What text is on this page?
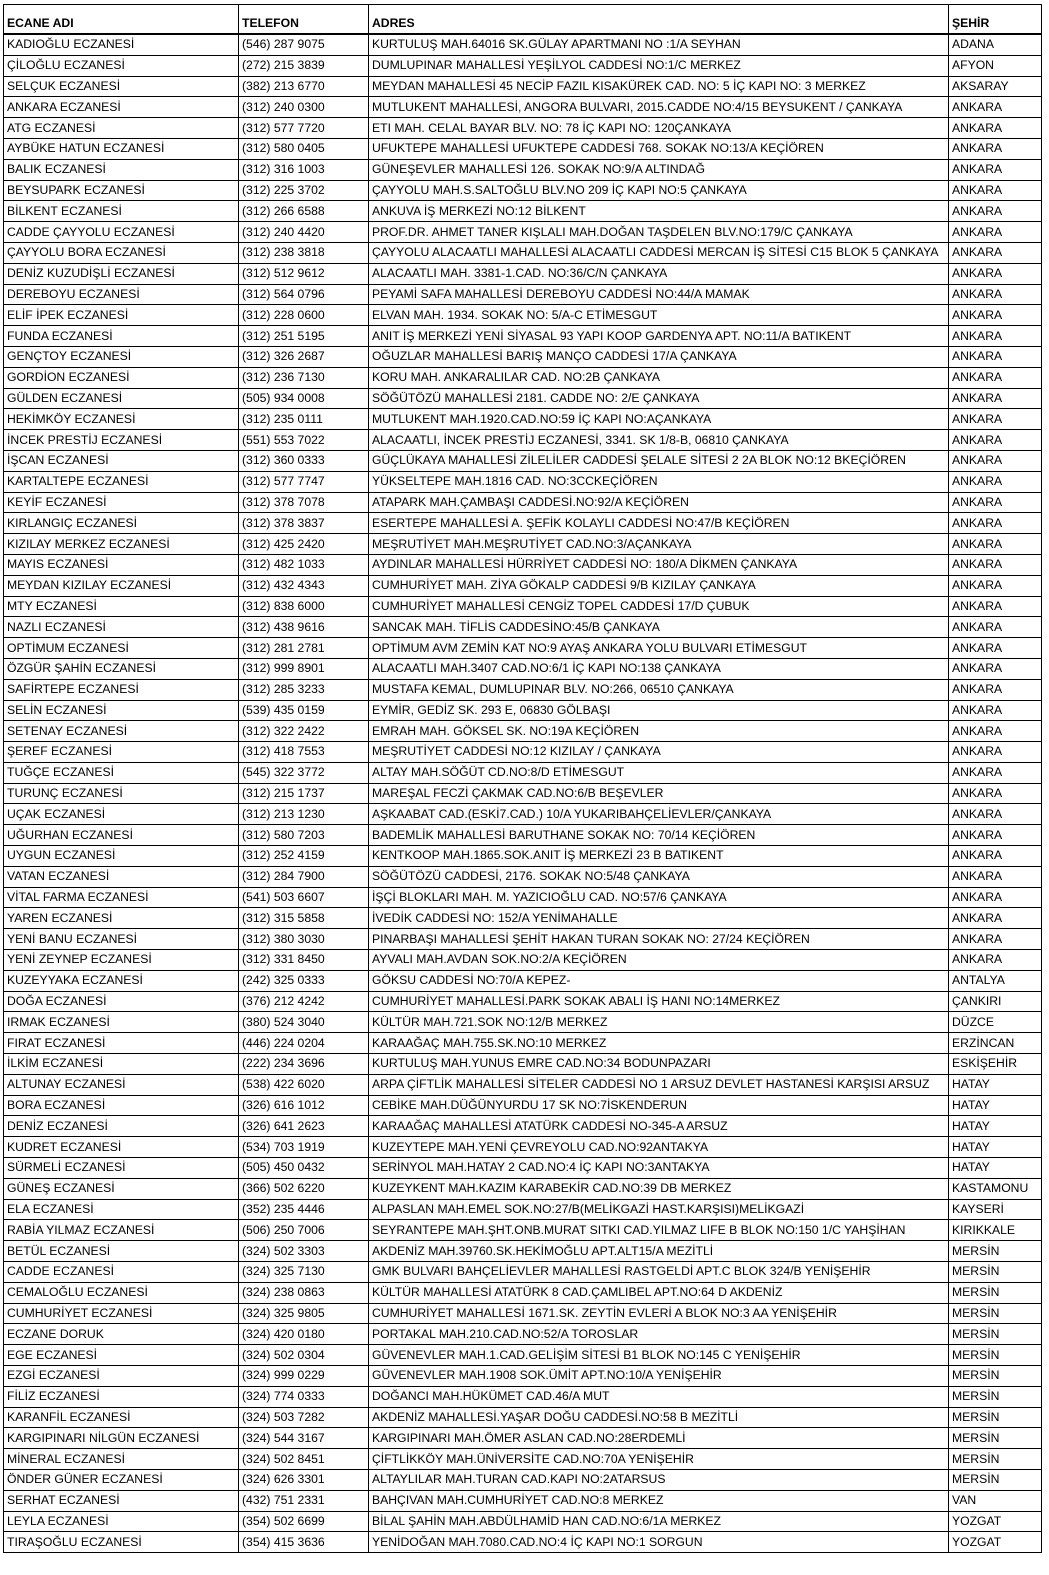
ECANE ADI	TELEFON	ADRES	ŞEHİR
KADIOĞLU ECZANESİ	(546) 287 9075	KURTULUŞ MAH.64016 SK.GÜLAY APARTMANI NO :1/A SEYHAN	ADANA
ÇİLOĞLU ECZANESİ	(272) 215 3839	DUMLUPINAR MAHALLESİ YEŞİLYOL CADDESİ NO:1/C MERKEZ	AFYON
SELÇUK ECZANESİ	(382) 213 6770	MEYDAN MAHALLESİ 45 NECİP FAZIL KISAKÜREK CAD. NO: 5 İÇ KAPI NO: 3 MERKEZ	AKSARAY
ANKARA ECZANESİ	(312) 240 0300	MUTLUKENT MAHALLESİ, ANGORA BULVARI, 2015.CADDE NO:4/15 BEYSUKENT / ÇANKAYA	ANKARA
ATG ECZANESİ	(312) 577 7720	ETI MAH. CELAL BAYAR BLV. NO: 78 İÇ KAPI NO: 120ÇANKAYA	ANKARA
AYBÜKE HATUN ECZANESİ	(312) 580 0405	UFUKTEPE MAHALLESİ UFUKTEPE CADDESİ 768. SOKAK NO:13/A KEÇİÖREN	ANKARA
BALIK ECZANESİ	(312) 316 1003	GÜNEŞEVLER MAHALLESİ 126. SOKAK NO:9/A ALTINDAĞ	ANKARA
BEYSUPARK ECZANESİ	(312) 225 3702	ÇAYYOLU MAH.S.SALTOĞLU BLV.NO 209 İÇ KAPI NO:5 ÇANKAYA	ANKARA
BİLKENT ECZANESİ	(312) 266 6588	ANKUVA İŞ MERKEZİ NO:12 BİLKENT	ANKARA
CADDE ÇAYYOLU ECZANESİ	(312) 240 4420	PROF.DR. AHMET TANER KIŞLALI MAH.DOĞAN TAŞDELEN BLV.NO:179/C ÇANKAYA	ANKARA
ÇAYYOLU BORA ECZANESİ	(312) 238 3818	ÇAYYOLU ALACAATLI MAHALLESİ ALACAATLI CADDESİ MERCAN İŞ SİTESİ C15 BLOK 5 ÇANKAYA	ANKARA
DENİZ KUZUDİŞLİ ECZANESİ	(312) 512 9612	ALACAATLI MAH. 3381-1.CAD. NO:36/C/N ÇANKAYA	ANKARA
DEREBOYU ECZANESİ	(312) 564 0796	PEYAMİ SAFA MAHALLESİ DEREBOYU CADDESİ NO:44/A MAMAK	ANKARA
ELİF İPEK ECZANESİ	(312) 228 0600	ELVAN MAH. 1934. SOKAK NO: 5/A-C ETİMESGUT	ANKARA
FUNDA ECZANESİ	(312) 251 5195	ANIT İŞ MERKEZİ YENİ SİYASAL 93 YAPI KOOP GARDENYA APT. NO:11/A BATIKENT	ANKARA
GENÇTOY ECZANESİ	(312) 326 2687	OĞUZLAR MAHALLESİ BARIŞ MANÇO CADDESİ 17/A ÇANKAYA	ANKARA
GORDİON ECZANESİ	(312) 236 7130	KORU MAH. ANKARALILAR CAD. NO:2B ÇANKAYA	ANKARA
GÜLDEN ECZANESİ	(505) 934 0008	SÖĞÜTÖZÜ MAHALLESİ 2181. CADDE NO: 2/E ÇANKAYA	ANKARA
HEKİMKÖY ECZANESİ	(312) 235 0111	MUTLUKENT MAH.1920.CAD.NO:59 İÇ KAPI NO:AÇANKAYA	ANKARA
İNCEK PRESTİJ ECZANESİ	(551) 553 7022	ALACAATLI, İNCEK PRESTİJ ECZANESİ, 3341. SK 1/8-B, 06810 ÇANKAYA	ANKARA
İŞCAN ECZANESİ	(312) 360 0333	GÜÇLÜKAYA MAHALLESİ ZİLELİLER CADDESİ ŞELALE SİTESİ 2 2A BLOK NO:12 BKEÇİÖREN	ANKARA
KARTALTEPE ECZANESİ	(312) 577 7747	YÜKSELTEPE MAH.1816 CAD. NO:3CCKEÇİÖREN	ANKARA
KEYİF ECZANESİ	(312) 378 7078	ATAPARK MAH.ÇAMBAŞI CADDESİ.NO:92/A KEÇİÖREN	ANKARA
KIRLANGIÇ ECZANESİ	(312) 378 3837	ESERTEPE MAHALLESİ A. ŞEFİK KOLAYLI CADDESİ NO:47/B KEÇİÖREN	ANKARA
KIZILAY MERKEZ ECZANESİ	(312) 425 2420	MEŞRUTİYET MAH.MEŞRUTİYET CAD.NO:3/AÇANKAYA	ANKARA
MAYIS ECZANESİ	(312) 482 1033	AYDINLAR MAHALLESİ HÜRRİYET CADDESİ NO: 180/A DİKMEN ÇANKAYA	ANKARA
MEYDAN KIZILAY ECZANESİ	(312) 432 4343	CUMHURİYET MAH. ZİYA GÖKALP CADDESİ 9/B KIZILAY ÇANKAYA	ANKARA
MTY ECZANESİ	(312) 838 6000	CUMHURİYET MAHALLESİ CENGİZ TOPEL CADDESİ 17/D ÇUBUK	ANKARA
NAZLI ECZANESİ	(312) 438 9616	SANCAK MAH. TİFLİS CADDESİNO:45/B ÇANKAYA	ANKARA
OPTİMUM ECZANESİ	(312) 281 2781	OPTİMUM AVM ZEMİN KAT NO:9 AYAŞ ANKARA YOLU BULVARI ETİMESGUT	ANKARA
ÖZGÜR ŞAHİN ECZANESİ	(312) 999 8901	ALACAATLI MAH.3407 CAD.NO:6/1 İÇ KAPI NO:138 ÇANKAYA	ANKARA
SAFİRTEPE ECZANESİ	(312) 285 3233	MUSTAFA KEMAL, DUMLUPINAR BLV. NO:266, 06510 ÇANKAYA	ANKARA
SELİN ECZANESİ	(539) 435 0159	EYMİR, GEDİZ SK. 293 E, 06830 GÖLBAŞI	ANKARA
SETENAY ECZANESİ	(312) 322 2422	EMRAH MAH. GÖKSEL SK. NO:19A KEÇİÖREN	ANKARA
ŞEREF ECZANESİ	(312) 418 7553	MEŞRUTİYET CADDESİ NO:12 KIZILAY / ÇANKAYA	ANKARA
TUĞÇE ECZANESİ	(545) 322 3772	ALTAY MAH.SÖĞÜT CD.NO:8/D ETİMESGUT	ANKARA
TURUNÇ ECZANESİ	(312) 215 1737	MAREŞAL FECZİ ÇAKMAK CAD.NO:6/B BEŞEVLER	ANKARA
UÇAK ECZANESİ	(312) 213 1230	AŞKAABAT CAD.(ESKİ7.CAD.) 10/A YUKARIBAHÇELİEVLER/ÇANKAYA	ANKARA
UĞURHAN ECZANESİ	(312) 580 7203	BADEMLİK MAHALLESİ BARUTHANE SOKAK NO: 70/14 KEÇİÖREN	ANKARA
UYGUN ECZANESİ	(312) 252 4159	KENTKOOP MAH.1865.SOK.ANIT İŞ MERKEZİ 23 B BATIKENT	ANKARA
VATAN ECZANESİ	(312) 284 7900	SÖĞÜTÖZÜ CADDESİ, 2176. SOKAK NO:5/48 ÇANKAYA	ANKARA
VİTAL FARMA ECZANESİ	(541) 503 6607	İŞÇİ BLOKLARI MAH. M. YAZICIOĞLU CAD. NO:57/6 ÇANKAYA	ANKARA
YAREN ECZANESİ	(312) 315 5858	İVEDİK CADDESİ NO: 152/A YENİMAHALLE	ANKARA
YENİ BANU ECZANESİ	(312) 380 3030	PINARBAŞI MAHALLESİ ŞEHİT HAKAN TURAN SOKAK NO: 27/24 KEÇİÖREN	ANKARA
YENİ ZEYNEP ECZANESİ	(312) 331 8450	AYVALI MAH.AVDAN SOK.NO:2/A KEÇİÖREN	ANKARA
KUZEYYAKA ECZANESİ	(242) 325 0333	GÖKSU CADDESİ NO:70/A KEPEZ-	ANTALYA
DOĞA ECZANESİ	(376) 212 4242	CUMHURİYET MAHALLESİ.PARK SOKAK ABALI İŞ HANI NO:14MERKEZ	ÇANKIRI
IRMAK ECZANESİ	(380) 524 3040	KÜLTÜR MAH.721.SOK NO:12/B MERKEZ	DÜZCE
FIRAT ECZANESİ	(446) 224 0204	KARAAĞAÇ MAH.755.SK.NO:10 MERKEZ	ERZİNCAN
İLKİM ECZANESİ	(222) 234 3696	KURTULUŞ MAH.YUNUS EMRE CAD.NO:34 BODUNPAZARI	ESKİŞEHİR
ALTUNAY ECZANESİ	(538) 422 6020	ARPA ÇİFTLİK MAHALLESİ SİTELER CADDESİ NO 1 ARSUZ DEVLET HASTANESİ KARŞISI ARSUZ	HATAY
BORA ECZANESİ	(326) 616 1012	CEBİKE MAH.DÜĞÜNYURDU 17 SK NO:7İSKENDERUN	HATAY
DENİZ ECZANESİ	(326) 641 2623	KARAAĞAÇ MAHALLESİ ATATÜRK CADDESİ NO-345-A ARSUZ	HATAY
KUDRET ECZANESİ	(534) 703 1919	KUZEYTEPE MAH.YENİ ÇEVREYOLU CAD.NO:92ANTAKYA	HATAY
SÜRMELİ ECZANESİ	(505) 450 0432	SERİNYOL MAH.HATAY 2 CAD.NO:4 İÇ KAPI NO:3ANTAKYA	HATAY
GÜNEŞ ECZANESİ	(366) 502 6220	KUZEYKENT MAH.KAZIM KARABEKİR CAD.NO:39 DB MERKEZ	KASTAMONU
ELA ECZANESİ	(352) 235 4446	ALPASLAN MAH.EMEL SOK.NO:27/B(MELİKGAZİ HAST.KARŞISI)MELİKGAZİ	KAYSERİ
RABİA YILMAZ ECZANESİ	(506) 250 7006	SEYRANTEPE MAH.ŞHT.ONB.MURAT SITKI CAD.YILMAZ LIFE B BLOK NO:150 1/C YAHŞİHAN	KIRIKKALE
BETÜL ECZANESİ	(324) 502 3303	AKDENİZ MAH.39760.SK.HEKİMOĞLU APT.ALT15/A MEZİTLİ	MERSİN
CADDE ECZANESİ	(324) 325 7130	GMK BULVARI BAHÇELİEVLER MAHALLESİ RASTGELDİ APT.C BLOK 324/B YENİŞEHİR	MERSİN
CEMALOĞLU ECZANESİ	(324) 238 0863	KÜLTÜR MAHALLESİ ATATÜRK 8 CAD.ÇAMLIBEL APT.NO:64 D AKDENİZ	MERSİN
CUMHURİYET ECZANESİ	(324) 325 9805	CUMHURİYET MAHALLESİ 1671.SK. ZEYTİN EVLERİ A BLOK NO:3 AA YENİŞEHİR	MERSİN
ECZANE DORUK	(324) 420 0180	PORTAKAL MAH.210.CAD.NO:52/A TOROSLAR	MERSİN
EGE ECZANESİ	(324) 502 0304	GÜVENEVLER MAH.1.CAD.GELİŞİM SİTESİ B1 BLOK NO:145 C YENİŞEHİR	MERSİN
EZGİ ECZANESİ	(324) 999 0229	GÜVENEVLER MAH.1908 SOK.ÜMİT APT.NO:10/A YENİŞEHİR	MERSİN
FİLİZ ECZANESİ	(324) 774 0333	DOĞANCI MAH.HÜKÜMET CAD.46/A MUT	MERSİN
KARANFİL ECZANESİ	(324) 503 7282	AKDENİZ MAHALLESİ.YAŞAR DOĞU CADDESİ.NO:58 B MEZİTLİ	MERSİN
KARGIPINARI NİLGÜN ECZANESİ	(324) 544 3167	KARGIPINARI MAH.ÖMER ASLAN CAD.NO:28ERDEMLİ	MERSİN
MİNERAL ECZANESİ	(324) 502 8451	ÇİFTLİKKÖY MAH.ÜNİVERSİTE CAD.NO:70A YENİŞEHİR	MERSİN
ÖNDER GÜNER ECZANESİ	(324) 626 3301	ALTAYLILAR MAH.TURAN CAD.KAPI NO:2ATARSUS	MERSİN
SERHAT ECZANESİ	(432) 751 2331	BAHÇIVAN MAH.CUMHURİYET CAD.NO:8 MERKEZ	VAN
LEYLA ECZANESİ	(354) 502 6699	BİLAL ŞAHİN MAH.ABDÜLHAMİD HAN CAD.NO:6/1A MERKEZ	YOZGAT
TIRAŞOĞLU ECZANESİ	(354) 415 3636	YENİDOĞAN MAH.7080.CAD.NO:4 İÇ KAPI NO:1 SORGUN	YOZGAT
